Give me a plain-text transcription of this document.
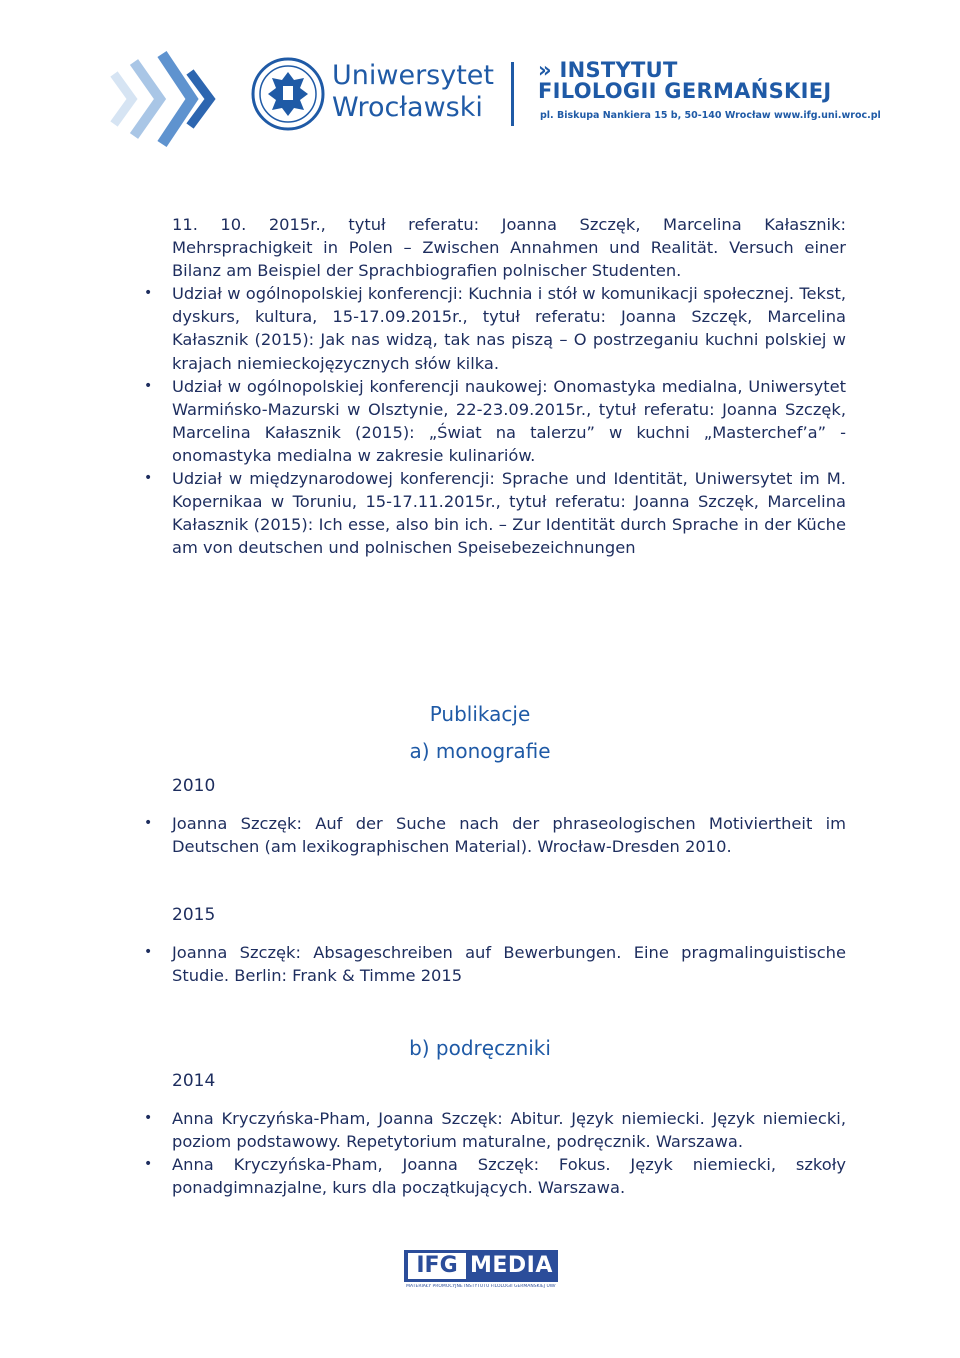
Uniwersytet
Wrocławski
» INSTYTUT
FILOLOGII GERMAŃSKIEJ
pl. Biskupa Nankiera 15 b, 50-140 Wrocław www.ifg.uni.wroc.pl

11. 10. 2015r., tytuł referatu: Joanna Szczęk, Marcelina Kałasznik: Mehrsprachigkeit in Polen – Zwischen Annahmen und Realität. Versuch einer Bilanz am Beispiel der Sprachbiografien polnischer Studenten.

• Udział w ogólnopolskiej konferencji: Kuchnia i stół w komunikacji społecznej. Tekst, dyskurs, kultura, 15-17.09.2015r., tytuł referatu: Joanna Szczęk, Marcelina Kałasznik (2015): Jak nas widzą, tak nas piszą – O postrzeganiu kuchni polskiej w krajach niemieckojęzycznych słów kilka.
• Udział w ogólnopolskiej konferencji naukowej: Onomastyka medialna, Uniwersytet Warmińsko-Mazurski w Olsztynie, 22-23.09.2015r., tytuł referatu: Joanna Szczęk, Marcelina Kałasznik (2015): „Świat na talerzu” w kuchni „Masterchef’a” - onomastyka medialna w zakresie kulinariów.
• Udział w międzynarodowej konferencji: Sprache und Identität, Uniwersytet im M. Kopernikaa w Toruniu, 15-17.11.2015r., tytuł referatu: Joanna Szczęk, Marcelina Kałasznik (2015): Ich esse, also bin ich. – Zur Identität durch Sprache in der Küche am von deutschen und polnischen Speisebezeichnungen
Publikacje
a) monografie
2010
• Joanna Szczęk: Auf der Suche nach der phraseologischen Motiviertheit im Deutschen (am lexikographischen Material). Wrocław-Dresden 2010.
2015
• Joanna Szczęk: Absageschreiben auf Bewerbungen. Eine pragmalinguistische Studie. Berlin: Frank & Timme 2015
b) podręczniki
2014
• Anna Kryczyńska-Pham, Joanna Szczęk: Abitur. Język niemiecki. Język niemiecki, poziom podstawowy. Repetytorium maturalne, podręcznik. Warszawa.
• Anna Kryczyńska-Pham, Joanna Szczęk: Fokus. Język niemiecki, szkoły ponadgimnazjalne, kurs dla początkujących. Warszawa.
IFG MEDIA
MATERIAŁY PROMOCYJNE INSTYTUTU FILOLOGII GERMAŃSKIEJ UWr
